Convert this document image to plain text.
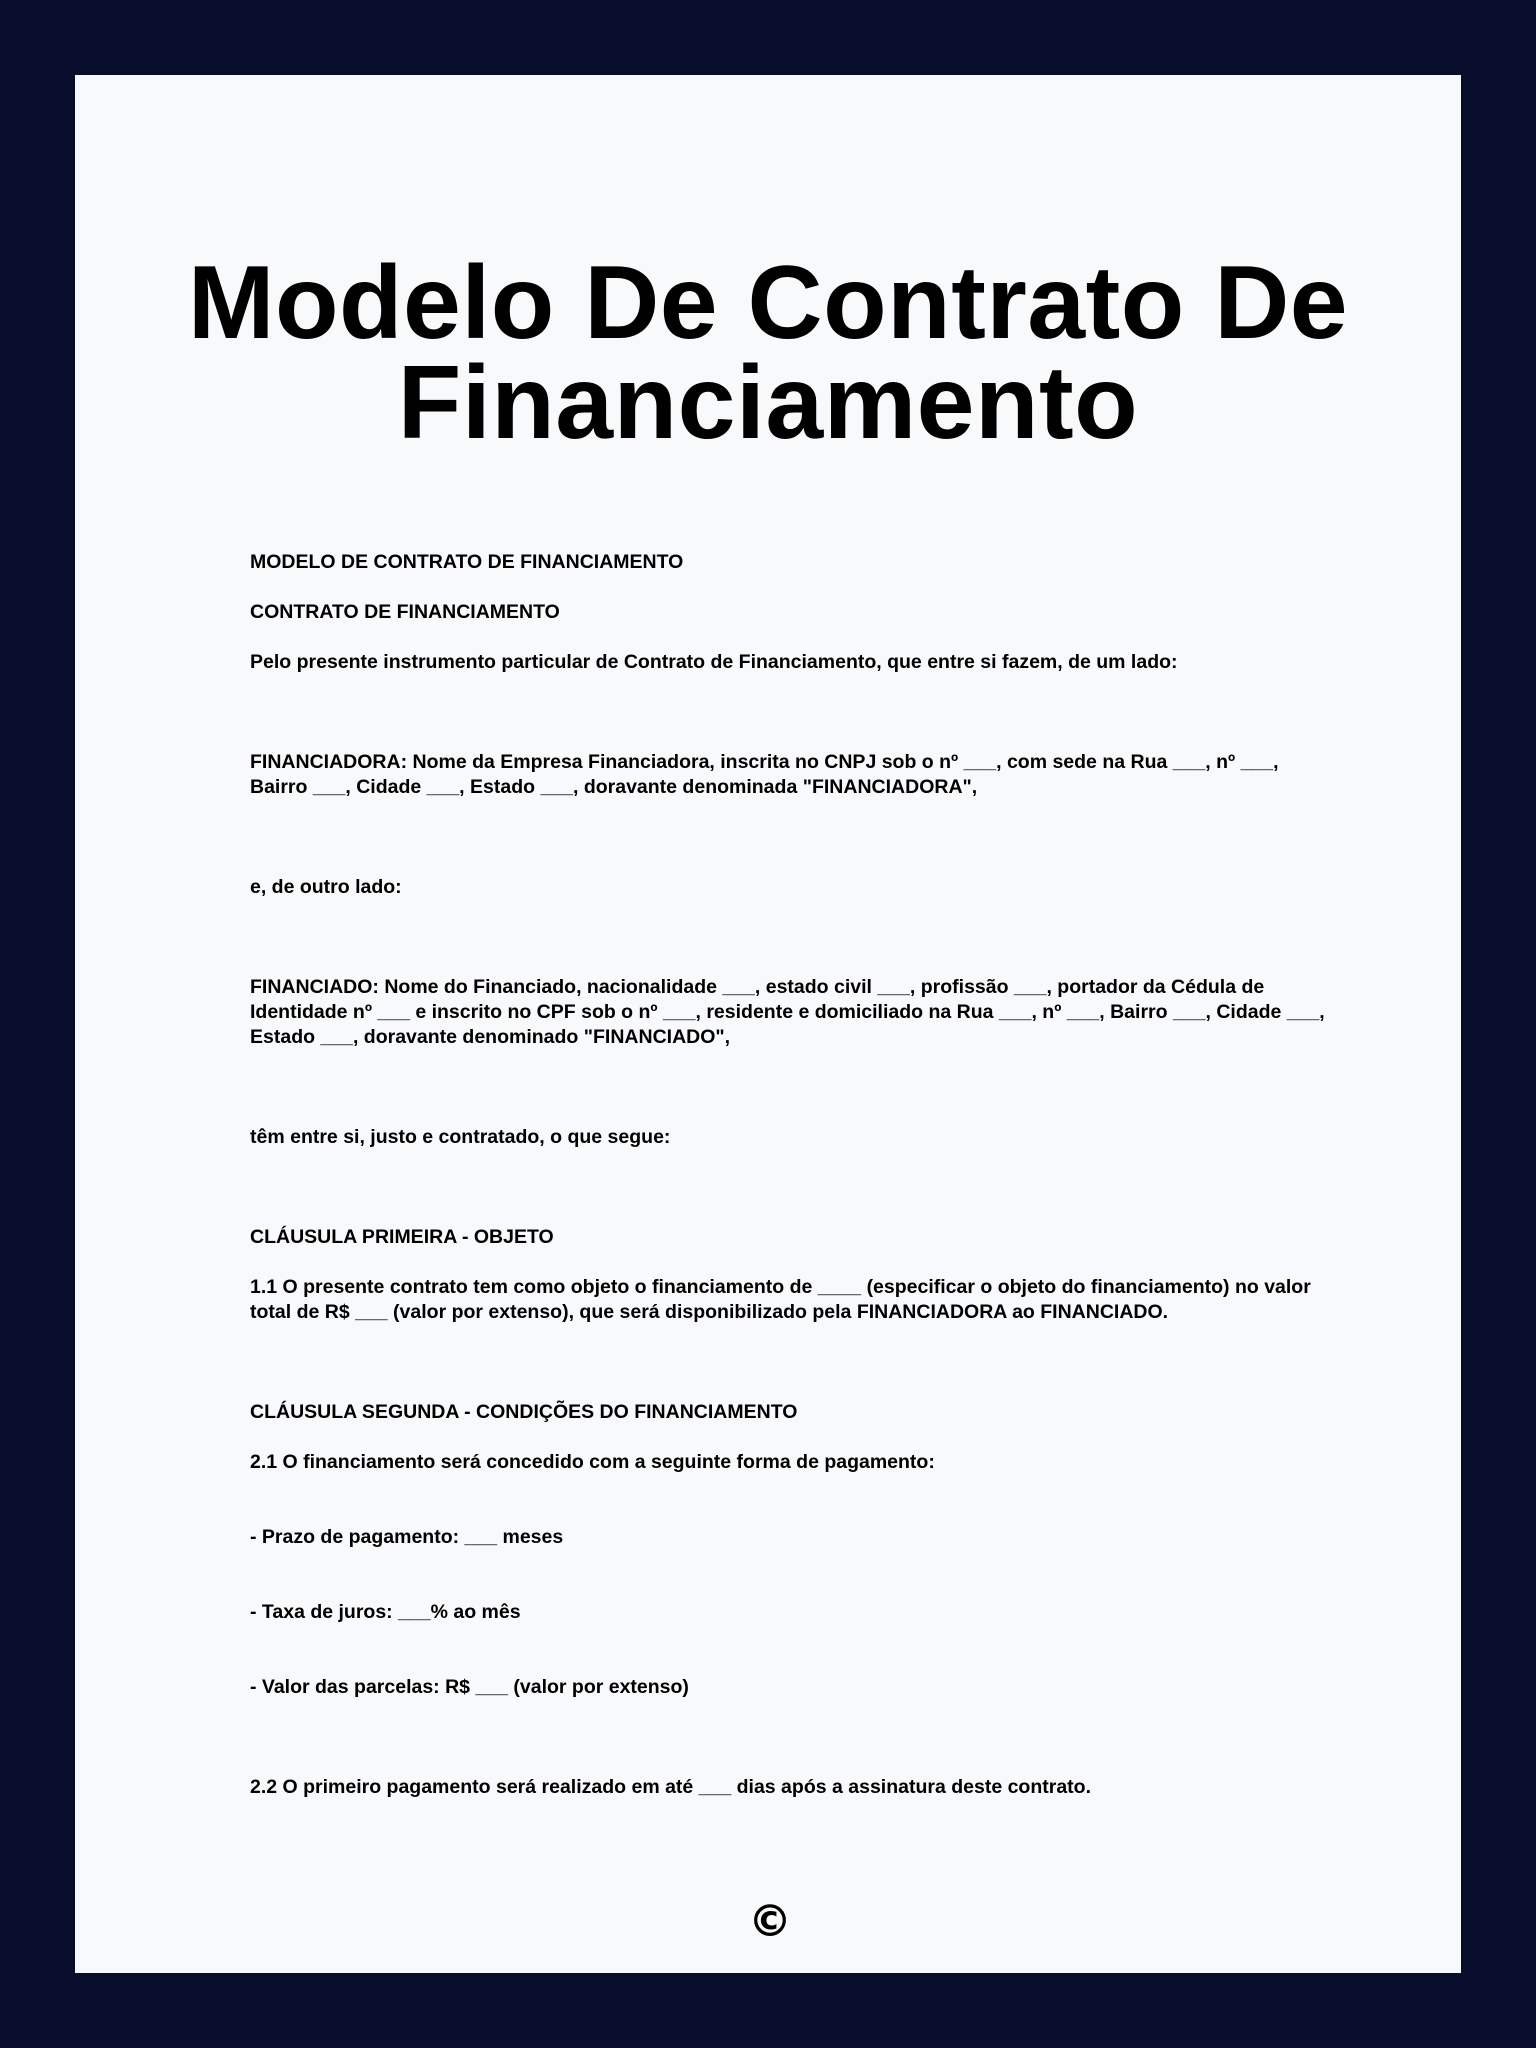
Modelo De Contrato De
Financiamento

MODELO DE CONTRATO DE FINANCIAMENTO

CONTRATO DE FINANCIAMENTO

Pelo presente instrumento particular de Contrato de Financiamento, que entre si fazem, de um lado:

FINANCIADORA: Nome da Empresa Financiadora, inscrita no CNPJ sob o nº ___, com sede na Rua ___, nº ___, Bairro ___, Cidade ___, Estado ___, doravante denominada "FINANCIADORA",

e, de outro lado:

FINANCIADO: Nome do Financiado, nacionalidade ___, estado civil ___, profissão ___, portador da Cédula de Identidade nº ___ e inscrito no CPF sob o nº ___, residente e domiciliado na Rua ___, nº ___, Bairro ___, Cidade ___, Estado ___, doravante denominado "FINANCIADO",

têm entre si, justo e contratado, o que segue:

CLÁUSULA PRIMEIRA - OBJETO

1.1 O presente contrato tem como objeto o financiamento de ____ (especificar o objeto do financiamento) no valor total de R$ ___ (valor por extenso), que será disponibilizado pela FINANCIADORA ao FINANCIADO.

CLÁUSULA SEGUNDA - CONDIÇÕES DO FINANCIAMENTO

2.1 O financiamento será concedido com a seguinte forma de pagamento:

- Prazo de pagamento: ___ meses

- Taxa de juros: ___% ao mês

- Valor das parcelas: R$ ___ (valor por extenso)

2.2 O primeiro pagamento será realizado em até ___ dias após a assinatura deste contrato.

©
